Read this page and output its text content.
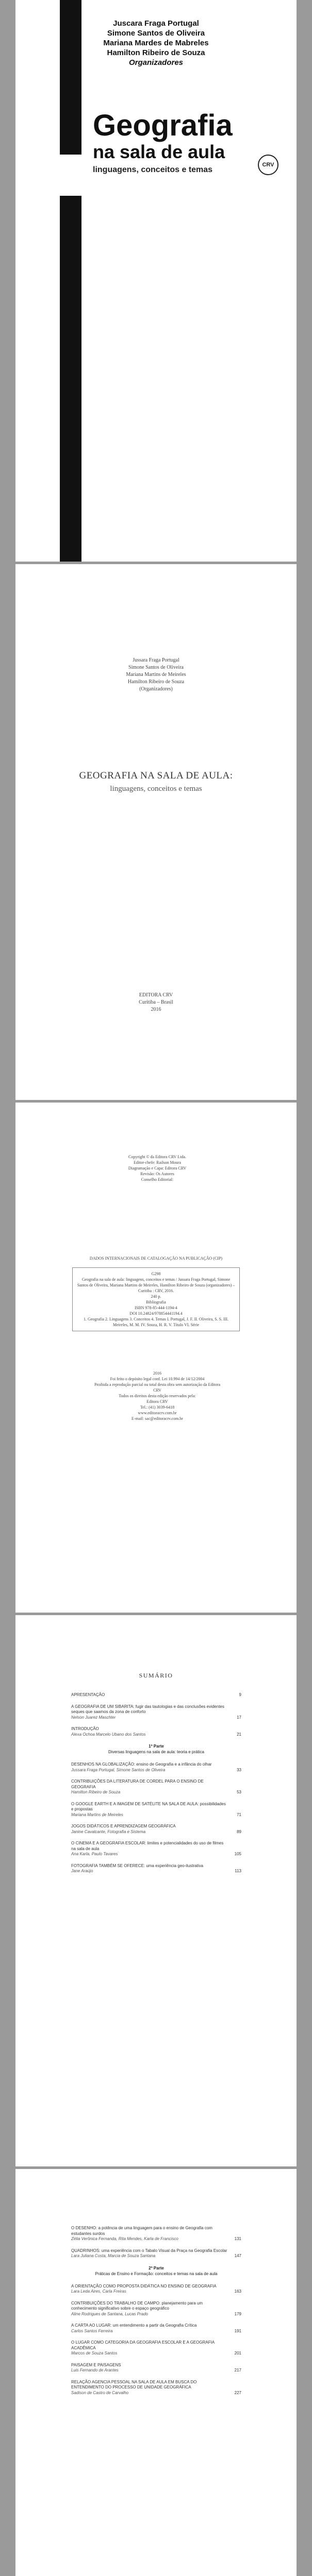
Juscara Fraga Portugal
Simone Santos de Oliveira
Mariana Mardes de Mabreles
Hamilton Ribeiro de Souza
Organizadores
Geografia
na sala de aula
linguagens, conceitos e temas
CRV
Jussara Fraga Portugal
Simone Santos de Oliveira
Mariana Martins de Meireles
Hamilton Ribeiro de Souza
(Organizadores)
GEOGRAFIA NA SALA DE AULA:
linguagens, conceitos e temas
EDITORA CRV
Curitiba – Brasil
2016
Copyright © da Editora CRV Ltda.
Editor-chefe: Railson Moura
Diagramação e Capa: Editora CRV
Revisão: Os Autores
Conselho Editorial:
DADOS INTERNACIONAIS DE CATALOGAÇÃO NA PUBLICAÇÃO (CIP)
G298
Geografia na sala de aula: linguagens, conceitos e temas / Jussara Fraga Portugal, Simone Santos de Oliveira, Mariana Martins de Meireles, Hamilton Ribeiro de Souza (organizadores) – Curitiba : CRV, 2016.
240 p.
Bibliografia
ISBN 978-85-444-1194-4
DOI 10.24824/978854441194.4
1. Geografia 2. Linguagens 3. Conceitos 4. Temas I. Portugal, J. F. II. Oliveira, S. S. III. Meireles, M. M. IV. Souza, H. R. V. Título VI. Série
2016
Foi feito o depósito legal conf. Lei 10.994 de 14/12/2004
Proibida a reprodução parcial ou total desta obra sem autorização da Editora CRV
Todos os direitos desta edição reservados pela:
Editora CRV
Tel.: (41) 3039-6418
www.editoracrv.com.br
E-mail: sac@editoracrv.com.br
SUMÁRIO
APRESENTAÇÃO	9
A GEOGRAFIA DE UM SIBARITA: fugir das tautologias e das conclusões evidentes seques que saamos da zona de conforto
Nelson Juarez Maschter	17
INTRODUÇÃO
Alexa Ochoa Marcelo Ubano dos Santos	21
1ª Parte
Diversas linguagens na sala de aula: teoria e prática
DESENHOS NA GLOBALIZAÇÃO: ensino de Geografia e a infância do olhar
Jussara Fraga Portugal, Simone Santos de Oliveira	33
CONTRIBUIÇÕES DA LITERATURA DE CORDEL PARA O ENSINO DE GEOGRAFIA
Hamilton Ribeiro de Souza	53
O GOOGLE EARTH E A IMAGEM DE SATÉLITE NA SALA DE AULA: possibilidades e propostas
Mariana Martins de Meireles	71
JOGOS DIDÁTICOS E APRENDIZAGEM GEOGRÁFICA
Janine Cavalcante, Fotografia e Sistema	89
O CINEMA E A GEOGRAFIA ESCOLAR: limites e potencialidades do uso de filmes na sala de aula
Ana Karla, Paulo Tavares	105
FOTOGRAFIA TAMBÉM SE OFERECE: uma experiência geo-ilustrativa
Jane Araújo	113
O DESENHO: a potência de uma linguagem para o ensino de Geografia com estudantes surdos
Zélia Verônica Fernanda, Rita Mendes, Karla de Francisco	131
QUADRINHOS: uma experiência com o Tabalo Visual da Praça na Geografia Escolar
Lara Juliana Costa, Marcia de Souza Santana	147
2ª Parte
Práticas de Ensino e Formação: conceitos e temas na sala de aula
A ORIENTAÇÃO COMO PROPOSTA DIDÁTICA NO ENSINO DE GEOGRAFIA
Lara Leda Aires, Carla Freiras	163
CONTRIBUIÇÕES DO TRABALHO DE CAMPO: planejamento para um conhecimento significativo sobre o espaço geográfico
Aline Rodrigues de Santana, Lucas Prado	179
A CARTA AO LUGAR: um entendimento a partir da Geografia Crítica
Carlos Santos Ferreira	191
O LUGAR COMO CATEGORIA DA GEOGRAFIA ESCOLAR E A GEOGRAFIA ACADÊMICA
Marcos de Souza Santos	201
PAISAGEM E PAISAGENS
Luis Fernando de Arantes	217
RELAÇÃO AGENCIA PESSOAL NA SALA DE AULA EM BUSCA DO ENTENDIMENTO DO PROCESSO DE UNIDADE GEOGRÁFICA
Sadison de Castro de Carvalho	227
